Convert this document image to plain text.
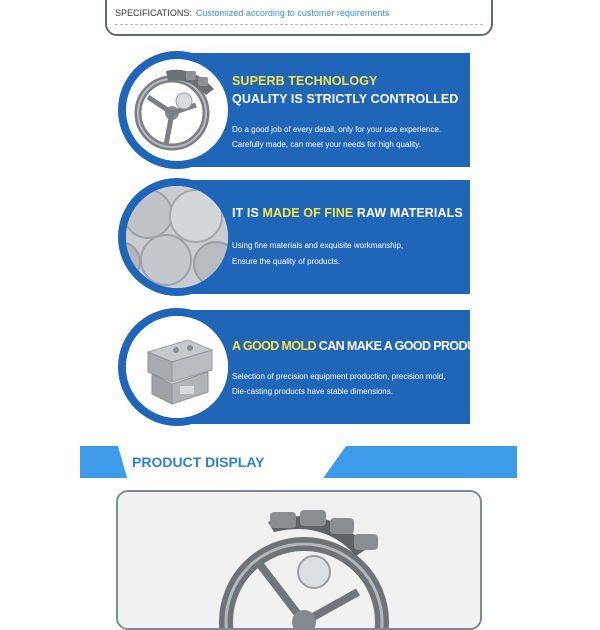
SPECIFICATIONS: Customized according to customer requirements
SUPERB TECHNOLOGY
QUALITY IS STRICTLY CONTROLLED
Do a good job of every detail, only for your use experience.
Carefully made, can meet your needs for high quality.
IT IS MADE OF FINE RAW MATERIALS
Using fine materials and exquisite workmanship,
Ensure the quality of products.
A GOOD MOLD CAN MAKE A GOOD PRODUCT
Selection of precision equipment production, precision mold,
Die-casting products have stable dimensions.
PRODUCT DISPLAY
